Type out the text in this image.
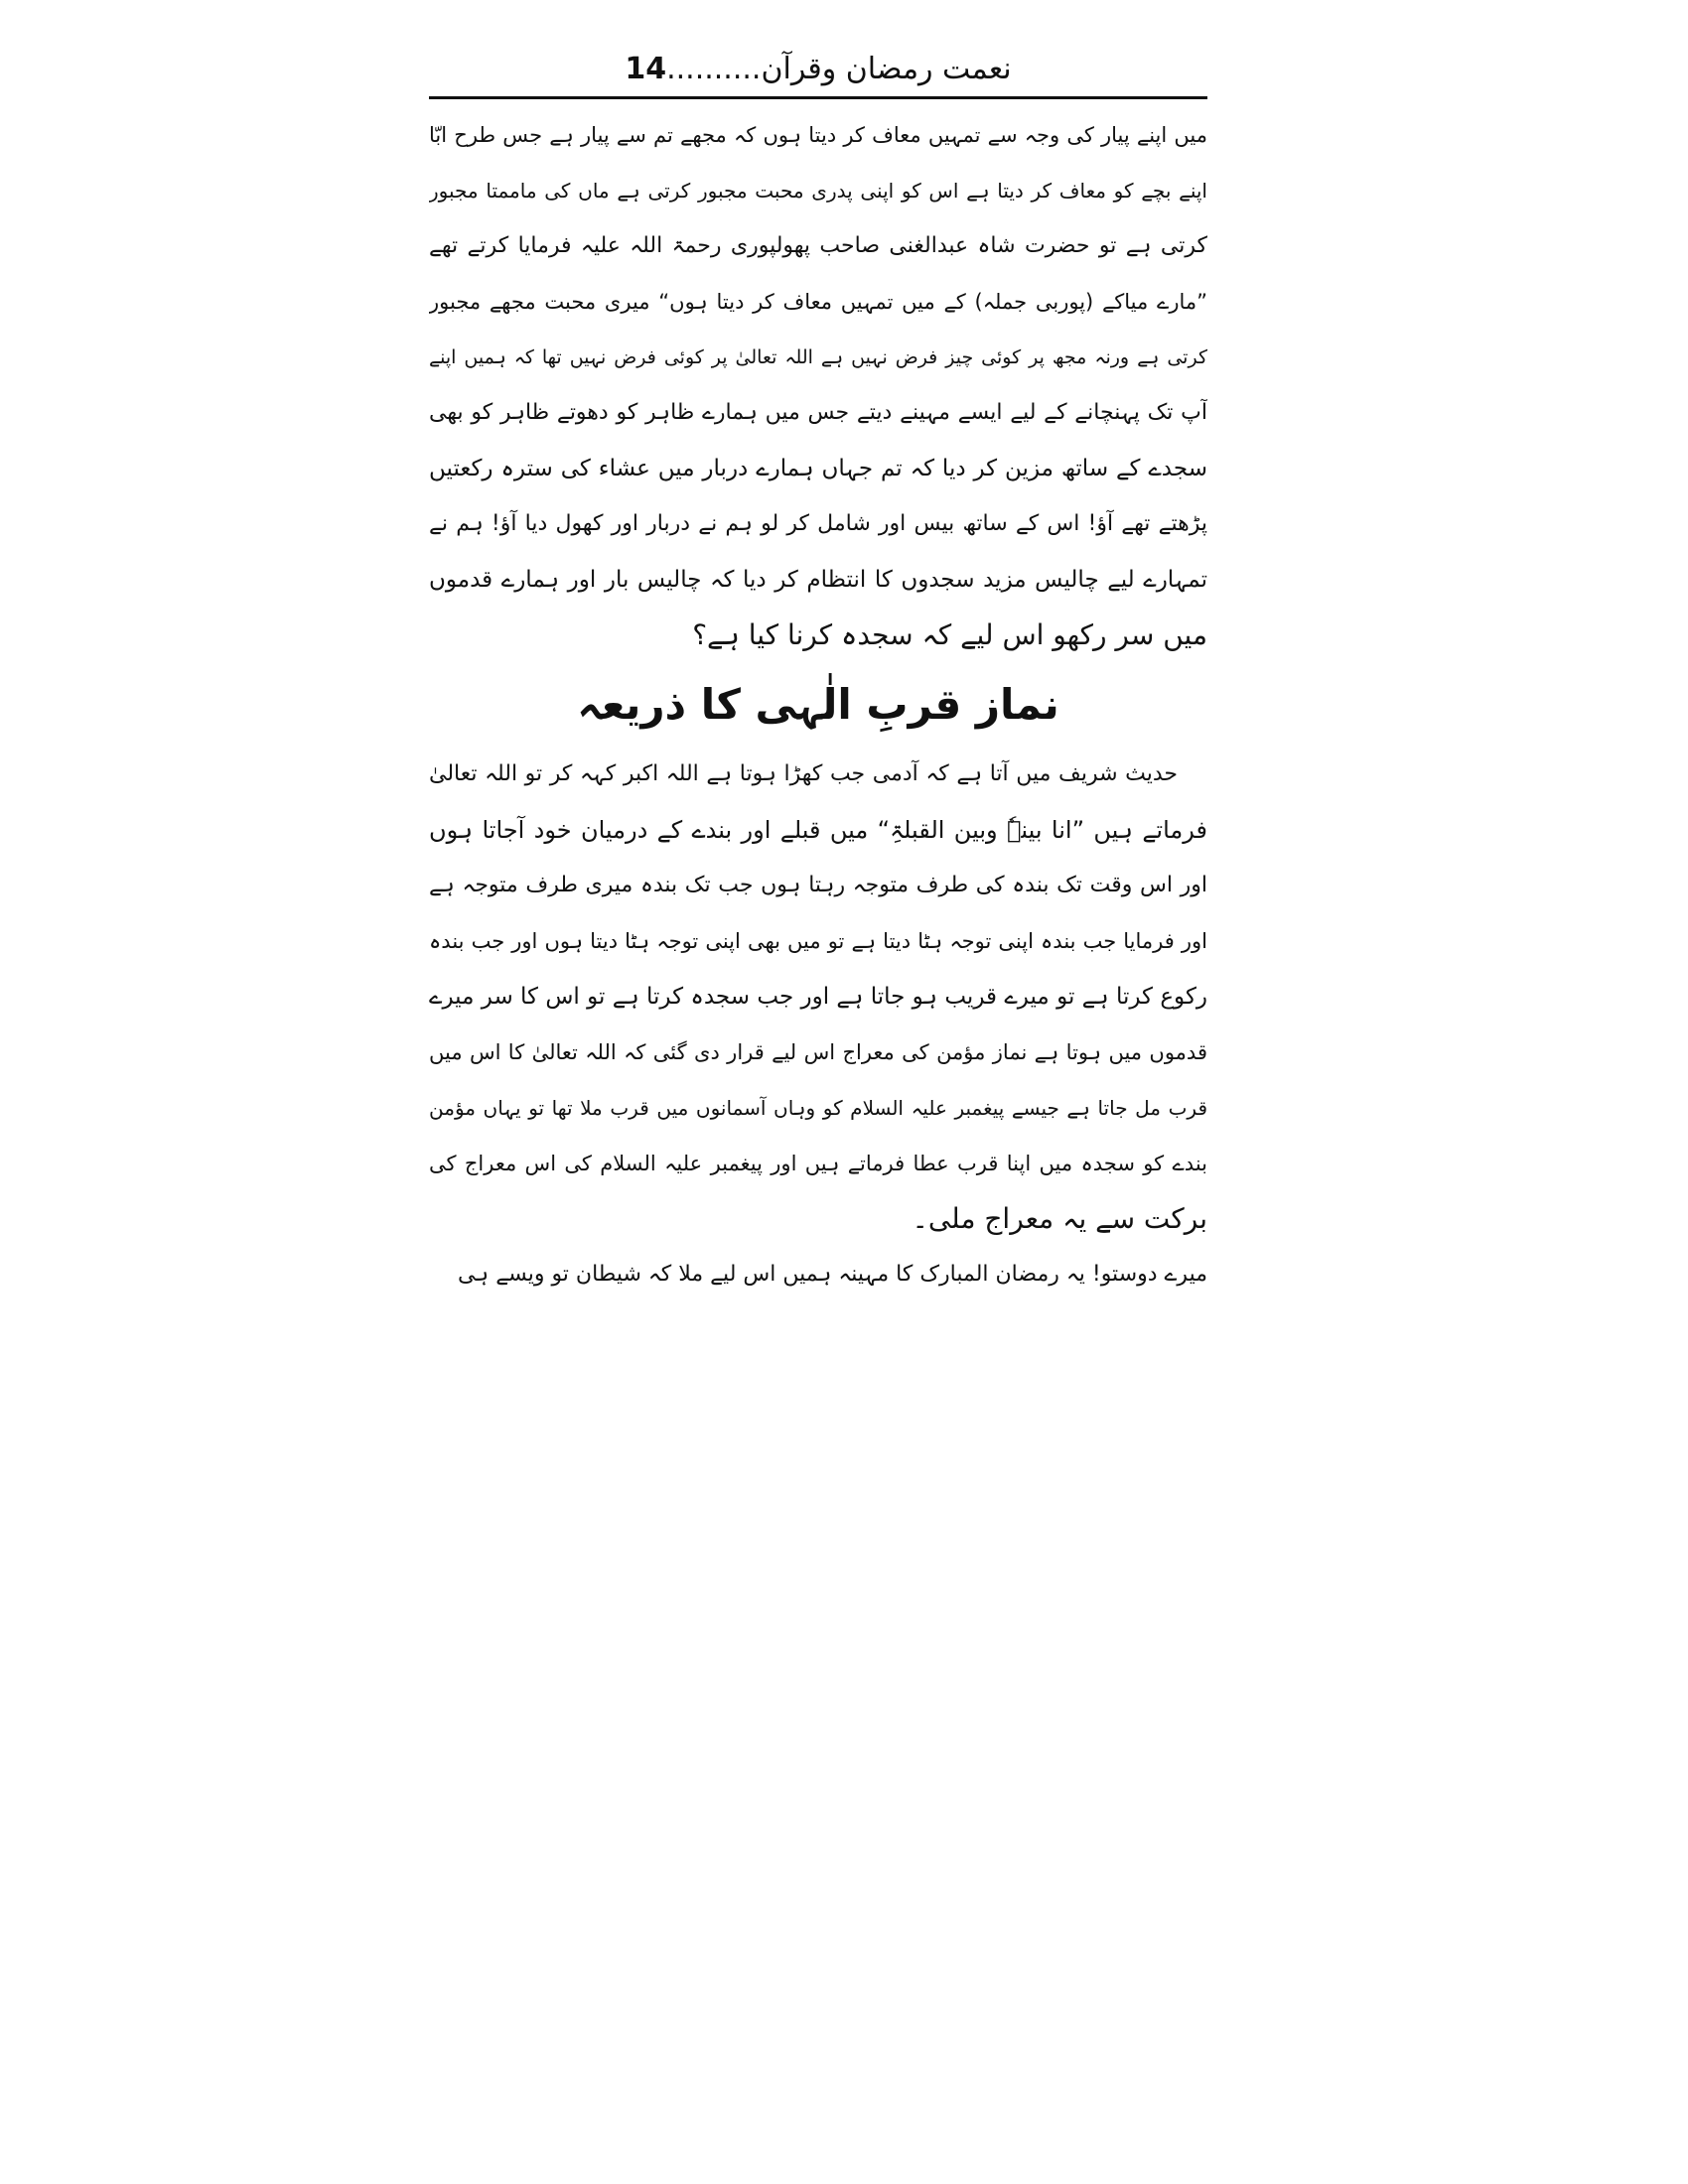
نعمت رمضان وقرآن..........14
میں اپنے پیار کی وجہ سے تمہیں معاف کر دیتا ہوں کہ مجھے تم سے پیار ہے جس طرح ابّا
اپنے بچے کو معاف کر دیتا ہے اس کو اپنی پدری محبت مجبور کرتی ہے ماں کی ماممتا مجبور
کرتی ہے تو حضرت شاہ عبدالغنی صاحب پھولپوری رحمۃ اللہ علیہ فرمایا کرتے تھے
”مارے میاکے (پوربی جملہ) کے میں تمہیں معاف کر دیتا ہوں“ میری محبت مجھے مجبور
کرتی ہے ورنہ مجھ پر کوئی چیز فرض نہیں ہے اللہ تعالیٰ پر کوئی فرض نہیں تھا کہ ہمیں اپنے
آپ تک پہنچانے کے لیے ایسے مہینے دیتے جس میں ہمارے ظاہر کو دھوتے ظاہر کو بھی
سجدے کے ساتھ مزین کر دیا کہ تم جہاں ہمارے دربار میں عشاء کی سترہ رکعتیں
پڑھتے تھے آؤ! اس کے ساتھ بیس اور شامل کر لو ہم نے دربار اور کھول دیا آؤ! ہم نے
تمہارے لیے چالیس مزید سجدوں کا انتظام کر دیا کہ چالیس بار اور ہمارے قدموں
میں سر رکھو اس لیے کہ سجدہ کرنا کیا ہے؟
نماز قربِ الٰہی کا ذریعہ
حدیث شریف میں آتا ہے کہ آدمی جب کھڑا ہوتا ہے اللہ اکبر کہہ کر تو اللہ تعالیٰ
فرماتے ہیں ”انا بینہٗ وبین القبلۃِ“ میں قبلے اور بندے کے درمیان خود آجاتا ہوں
اور اس وقت تک بندہ کی طرف متوجہ رہتا ہوں جب تک بندہ میری طرف متوجہ ہے
اور فرمایا جب بندہ اپنی توجہ ہٹا دیتا ہے تو میں بھی اپنی توجہ ہٹا دیتا ہوں اور جب بندہ
رکوع کرتا ہے تو میرے قریب ہو جاتا ہے اور جب سجدہ کرتا ہے تو اس کا سر میرے
قدموں میں ہوتا ہے نماز مؤمن کی معراج اس لیے قرار دی گئی کہ اللہ تعالیٰ کا اس میں
قرب مل جاتا ہے جیسے پیغمبر علیہ السلام کو وہاں آسمانوں میں قرب ملا تھا تو یہاں مؤمن
بندے کو سجدہ میں اپنا قرب عطا فرماتے ہیں اور پیغمبر علیہ السلام کی اس معراج کی
برکت سے یہ معراج ملی۔
میرے دوستو! یہ رمضان المبارک کا مہینہ ہمیں اس لیے ملا کہ شیطان تو ویسے ہی
